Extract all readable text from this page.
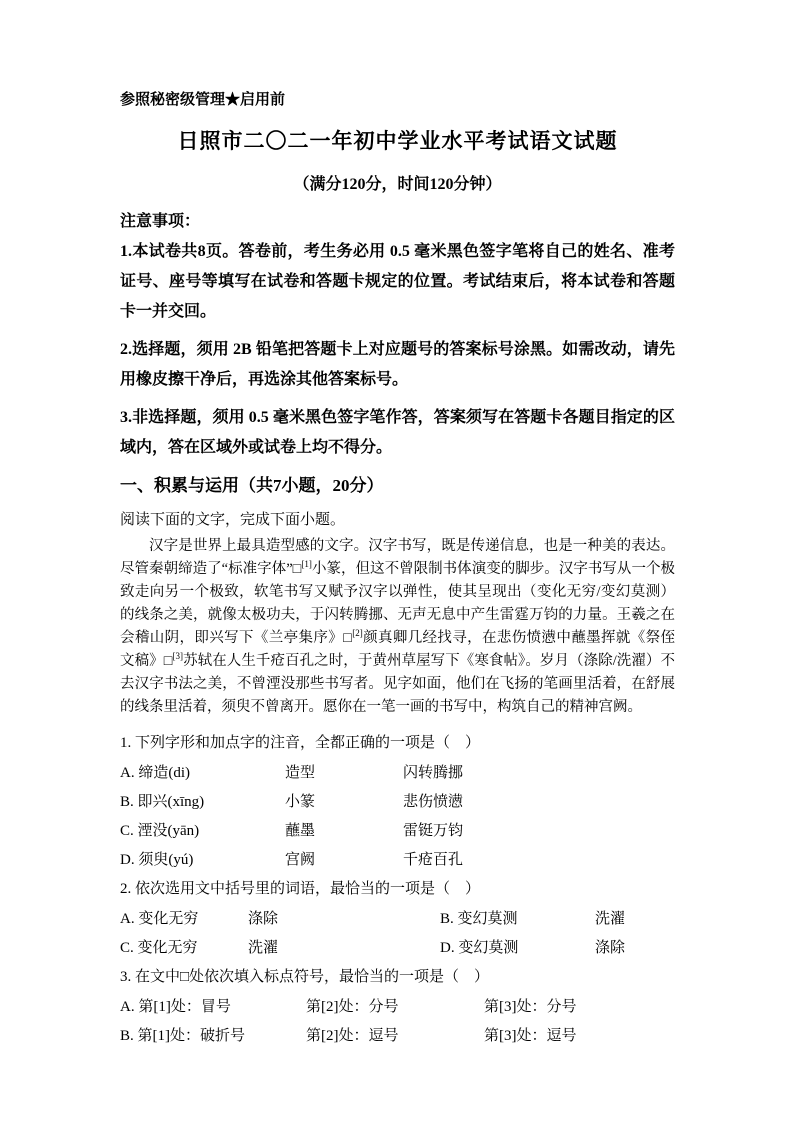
参照秘密级管理★启用前
日照市二〇二一年初中学业水平考试语文试题
（满分120分，时间120分钟）
注意事项：

1.本试卷共8页。答卷前，考生务必用 0.5 毫米黑色签字笔将自己的姓名、准考证号、座号等填写在试卷和答题卡规定的位置。考试结束后，将本试卷和答题卡一并交回。

2.选择题，须用 2B 铅笔把答题卡上对应题号的答案标号涂黑。如需改动，请先用橡皮擦干净后，再选涂其他答案标号。

3.非选择题，须用 0.5 毫米黑色签字笔作答，答案须写在答题卡各题目指定的区域内，答在区域外或试卷上均不得分。

一、积累与运用（共7小题，20分）

阅读下面的文字，完成下面小题。

汉字是世界上最具造型感的文字。汉字书写，既是传递信息，也是一种美的表达。尽管秦朝缔造了“标准字体”□[1]小篆，但这不曾限制书体演变的脚步。汉字书写从一个极致走向另一个极致，软笔书写又赋予汉字以弹性，使其呈现出（变化无穷/变幻莫测）的线条之美，就像太极功夫，于闪转腾挪、无声无息中产生雷霆万钧的力量。王羲之在会稽山阴，即兴写下《兰亭集序》□[2]颜真卿几经找寻，在悲伤愤懑中蘸墨挥就《祭侄文稿》□[3]苏轼在人生千疮百孔之时，于黄州草屋写下《寒食帖》。岁月（涤除/洗濯）不去汉字书法之美，不曾湮没那些书写者。见字如面，他们在飞扬的笔画里活着，在舒展的线条里活着，须臾不曾离开。愿你在一笔一画的书写中，构筑自己的精神宫阙。

1. 下列字形和加点字的注音，全都正确的一项是（　）

A. 缔造(di)	造型	闪转腾挪
B. 即兴(xīng)	小篆	悲伤愤懑
C. 湮没(yān)	蘸墨	雷铤万钧
D. 须臾(yú)	宫阙	千疮百孔

2. 依次选用文中括号里的词语，最恰当的一项是（　）

A. 变化无穷	涤除	B. 变幻莫测	洗濯
C. 变化无穷	洗濯	D. 变幻莫测	涤除

3. 在文中□处依次填入标点符号，最恰当的一项是（　）

A. 第[1]处：冒号	第[2]处：分号	第[3]处：分号
B. 第[1]处：破折号	第[2]处：逗号	第[3]处：逗号
